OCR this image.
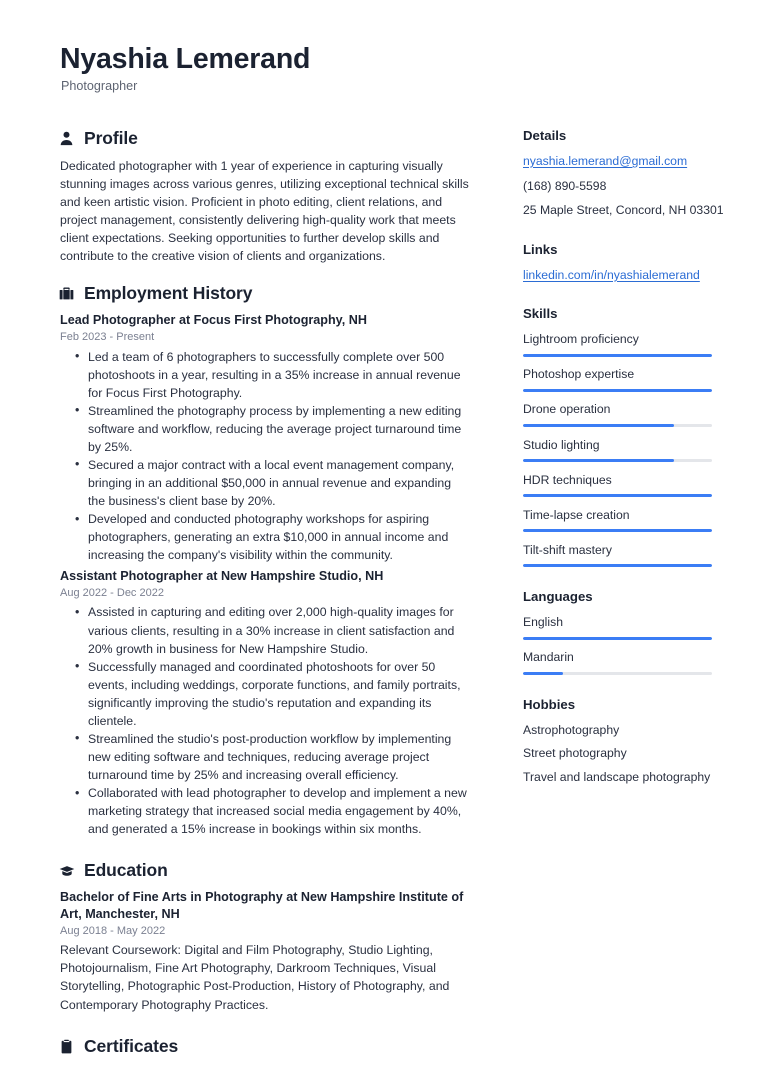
Nyashia Lemerand
Photographer
Profile

Dedicated photographer with 1 year of experience in capturing visually stunning images across various genres, utilizing exceptional technical skills and keen artistic vision. Proficient in photo editing, client relations, and project management, consistently delivering high-quality work that meets client expectations. Seeking opportunities to further develop skills and contribute to the creative vision of clients and organizations.

Employment History
Lead Photographer at Focus First Photography, NH
Feb 2023 - Present
• Led a team of 6 photographers to successfully complete over 500 photoshoots in a year, resulting in a 35% increase in annual revenue for Focus First Photography.
• Streamlined the photography process by implementing a new editing software and workflow, reducing the average project turnaround time by 25%.
• Secured a major contract with a local event management company, bringing in an additional $50,000 in annual revenue and expanding the business's client base by 20%.
• Developed and conducted photography workshops for aspiring photographers, generating an extra $10,000 in annual income and increasing the company's visibility within the community.
Assistant Photographer at New Hampshire Studio, NH
Aug 2022 - Dec 2022
• Assisted in capturing and editing over 2,000 high-quality images for various clients, resulting in a 30% increase in client satisfaction and 20% growth in business for New Hampshire Studio.
• Successfully managed and coordinated photoshoots for over 50 events, including weddings, corporate functions, and family portraits, significantly improving the studio's reputation and expanding its clientele.
• Streamlined the studio's post-production workflow by implementing new editing software and techniques, reducing average project turnaround time by 25% and increasing overall efficiency.
• Collaborated with lead photographer to develop and implement a new marketing strategy that increased social media engagement by 40%, and generated a 15% increase in bookings within six months.
Education
Bachelor of Fine Arts in Photography at New Hampshire Institute of Art, Manchester, NH
Aug 2018 - May 2022
Relevant Coursework: Digital and Film Photography, Studio Lighting, Photojournalism, Fine Art Photography, Darkroom Techniques, Visual Storytelling, Photographic Post-Production, History of Photography, and Contemporary Photography Practices.
Certificates
Details
nyashia.lemerand@gmail.com
(168) 890-5598
25 Maple Street, Concord, NH 03301
Links
linkedin.com/in/nyashialemerand
Skills
Lightroom proficiency
Photoshop expertise
Drone operation
Studio lighting
HDR techniques
Time-lapse creation
Tilt-shift mastery
Languages
English
Mandarin
Hobbies
Astrophotography
Street photography
Travel and landscape photography
